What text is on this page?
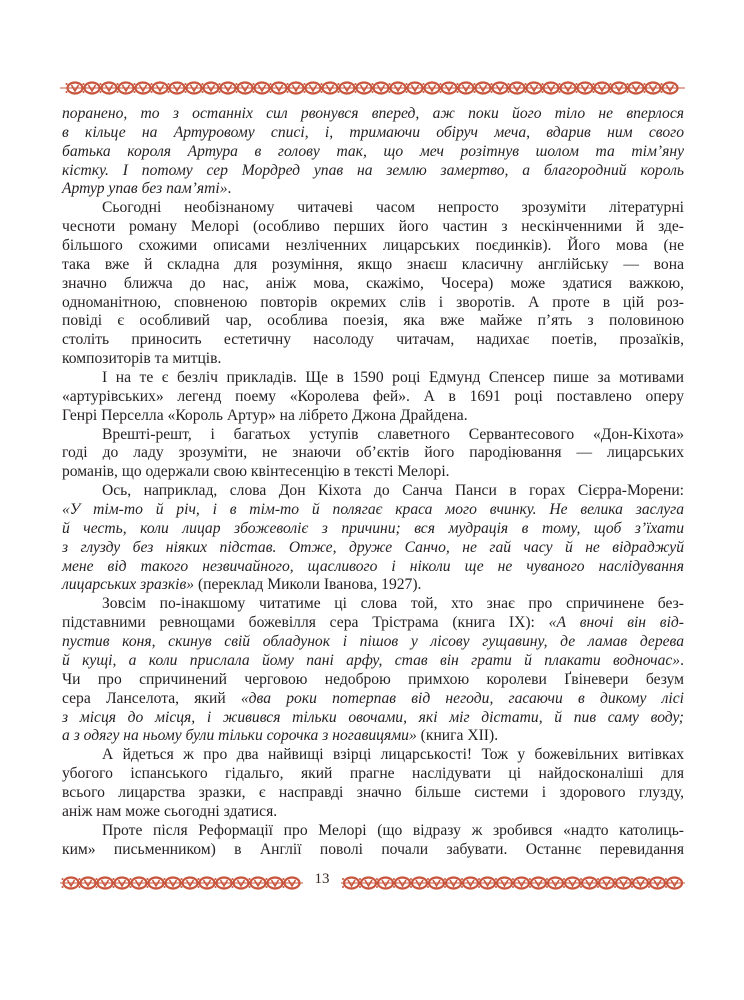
поранено, то з останніх сил рвонувся вперед, аж поки його тіло не вперлося
в кільце на Артуровому списі, і, тримаючи обіруч меча, вдарив ним свого
батька короля Артура в голову так, що меч розітнув шолом та тім’яну
кістку. І потому сер Мордред упав на землю замертво, а благородний король
Артур упав без пам’яті».
Сьогодні необізнаному читачеві часом непросто зрозуміти літературні
чесноти роману Мелорі (особливо перших його частин з нескінченними й зде-
більшого схожими описами незліченних лицарських поєдинків). Його мова (не
така вже й складна для розуміння, якщо знаєш класичну англійську — вона
значно ближча до нас, аніж мова, скажімо, Чосера) може здатися важкою,
одноманітною, сповненою повторів окремих слів і зворотів. А проте в цій роз-
повіді є особливий чар, особлива поезія, яка вже майже п’ять з половиною
століть приносить естетичну насолоду читачам, надихає поетів, прозаїків,
композиторів та митців.
І на те є безліч прикладів. Ще в 1590 році Едмунд Спенсер пише за мотивами
«артурівських» легенд поему «Королева фей». А в 1691 році поставлено оперу
Генрі Перселла «Король Артур» на лібрето Джона Драйдена.
Врешті-решт, і багатьох уступів славетного Сервантесового «Дон-Кіхота»
годі до ладу зрозуміти, не знаючи об’єктів його пародіювання — лицарських
романів, що одержали свою квінтесенцію в тексті Мелорі.
Ось, наприклад, слова Дон Кіхота до Санча Панси в горах Сієрра-Морени:
«У тім-то й річ, і в тім-то й полягає краса мого вчинку. Не велика заслуга
й честь, коли лицар збожеволіє з причини; вся мудрація в тому, щоб з’їхати
з глузду без ніяких підстав. Отже, друже Санчо, не гай часу й не відраджуй
мене від такого незвичайного, щасливого і ніколи ще не чуваного наслідування
лицарських зразків» (переклад Миколи Іванова, 1927).
Зовсім по-інакшому читатиме ці слова той, хто знає про спричинене без-
підставними ревнощами божевілля сера Трістрама (книга IX): «А вночі він від-
пустив коня, скинув свій обладунок і пішов у лісову гущавину, де ламав дерева
й кущі, а коли прислала йому пані арфу, став він грати й плакати водночас».
Чи про спричинений черговою недоброю примхою королеви Ґвіневери безум
сера Ланселота, який «два роки потерпав від негоди, гасаючи в дикому лісі
з місця до місця, і живився тільки овочами, які міг дістати, й пив саму воду;
а з одягу на ньому були тільки сорочка з ногавицями» (книга XII).
А йдеться ж про два найвищі взірці лицарськості! Тож у божевільних витівках
убогого іспанського гідальго, який прагне наслідувати ці найдосконаліші для
всього лицарства зразки, є насправді значно більше системи і здорового глузду,
аніж нам може сьогодні здатися.
Проте після Реформації про Мелорі (що відразу ж зробився «надто католиць-
ким» письменником) в Англії поволі почали забувати. Останнє перевидання
13
